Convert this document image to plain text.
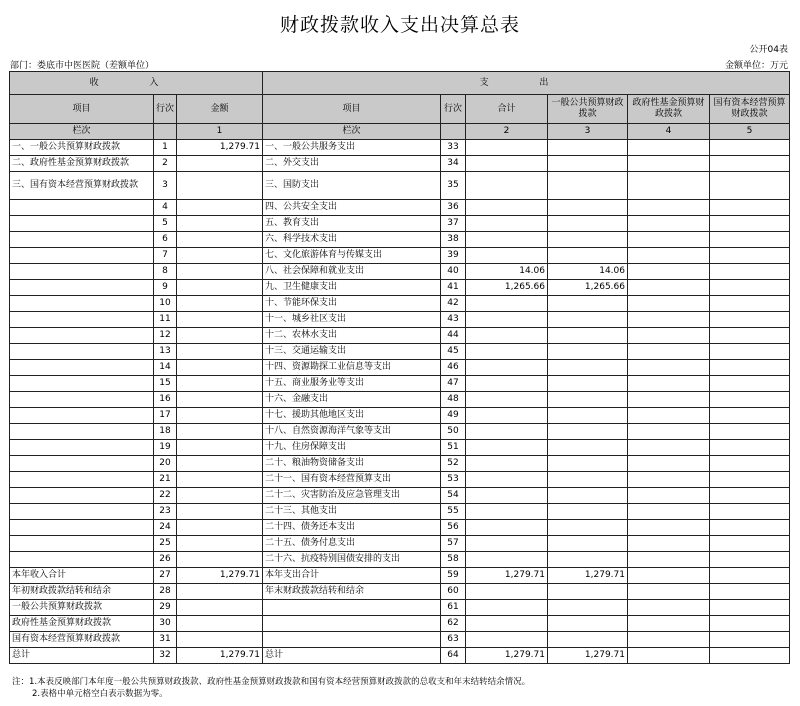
财政拨款收入支出决算总表
公开04表
部门：娄底市中医医院（差额单位）	金额单位：万元
收 入			支 出					
项目	行次	金额	项目	行次	合计	一般公共预算财政拨款	政府性基金预算财政拨款	国有资本经营预算财政拨款
栏次		1	栏次		2	3	4	5
一、一般公共预算财政拨款	1	1,279.71	一、一般公共服务支出	33				
二、政府性基金预算财政拨款	2		二、外交支出	34				
三、国有资本经营预算财政拨款	3		三、国防支出	35				
	4		四、公共安全支出	36				
	5		五、教育支出	37				
	6		六、科学技术支出	38				
	7		七、文化旅游体育与传媒支出	39				
	8		八、社会保障和就业支出	40	14.06	14.06		
	9		九、卫生健康支出	41	1,265.66	1,265.66		
	10		十、节能环保支出	42				
	11		十一、城乡社区支出	43				
	12		十二、农林水支出	44				
	13		十三、交通运输支出	45				
	14		十四、资源勘探工业信息等支出	46				
	15		十五、商业服务业等支出	47				
	16		十六、金融支出	48				
	17		十七、援助其他地区支出	49				
	18		十八、自然资源海洋气象等支出	50				
	19		十九、住房保障支出	51				
	20		二十、粮油物资储备支出	52				
	21		二十一、国有资本经营预算支出	53				
	22		二十二、灾害防治及应急管理支出	54				
	23		二十三、其他支出	55				
	24		二十四、债务还本支出	56				
	25		二十五、债务付息支出	57				
	26		二十六、抗疫特别国债安排的支出	58				
本年收入合计	27	1,279.71	本年支出合计	59	1,279.71	1,279.71		
年初财政拨款结转和结余	28		年末财政拨款结转和结余	60				
一般公共预算财政拨款	29			61				
政府性基金预算财政拨款	30			62				
国有资本经营预算财政拨款	31			63				
总计	32	1,279.71	总计	64	1,279.71	1,279.71		
注：1.本表反映部门本年度一般公共预算财政拨款、政府性基金预算财政拨款和国有资本经营预算财政拨款的总收支和年末结转结余情况。
2.表格中单元格空白表示数据为零。
